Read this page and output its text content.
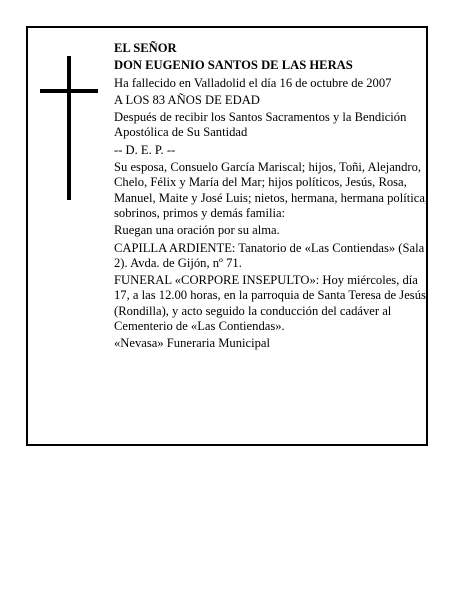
EL SEÑOR

DON EUGENIO SANTOS DE LAS HERAS

Ha fallecido en Valladolid el día 16 de octubre de 2007

A LOS 83 AÑOS DE EDAD

Después de recibir los Santos Sacramentos y la Bendición Apostólica de Su Santidad

-- D. E. P. --

Su esposa, Consuelo García Mariscal; hijos, Toñi, Alejandro, Chelo, Félix y María del Mar; hijos políticos, Jesús, Rosa, Manuel, Maite y José Luis; nietos, hermana, hermana política, sobrinos, primos y demás familia:

Ruegan una oración por su alma.

CAPILLA ARDIENTE: Tanatorio de «Las Contiendas» (Sala 2). Avda. de Gijón, nº 71.

FUNERAL «CORPORE INSEPULTO»: Hoy miércoles, día 17, a las 12.00 horas, en la parroquia de Santa Teresa de Jesús (Rondilla), y acto seguido la conducción del cadáver al Cementerio de «Las Contiendas».

«Nevasa» Funeraria Municipal
